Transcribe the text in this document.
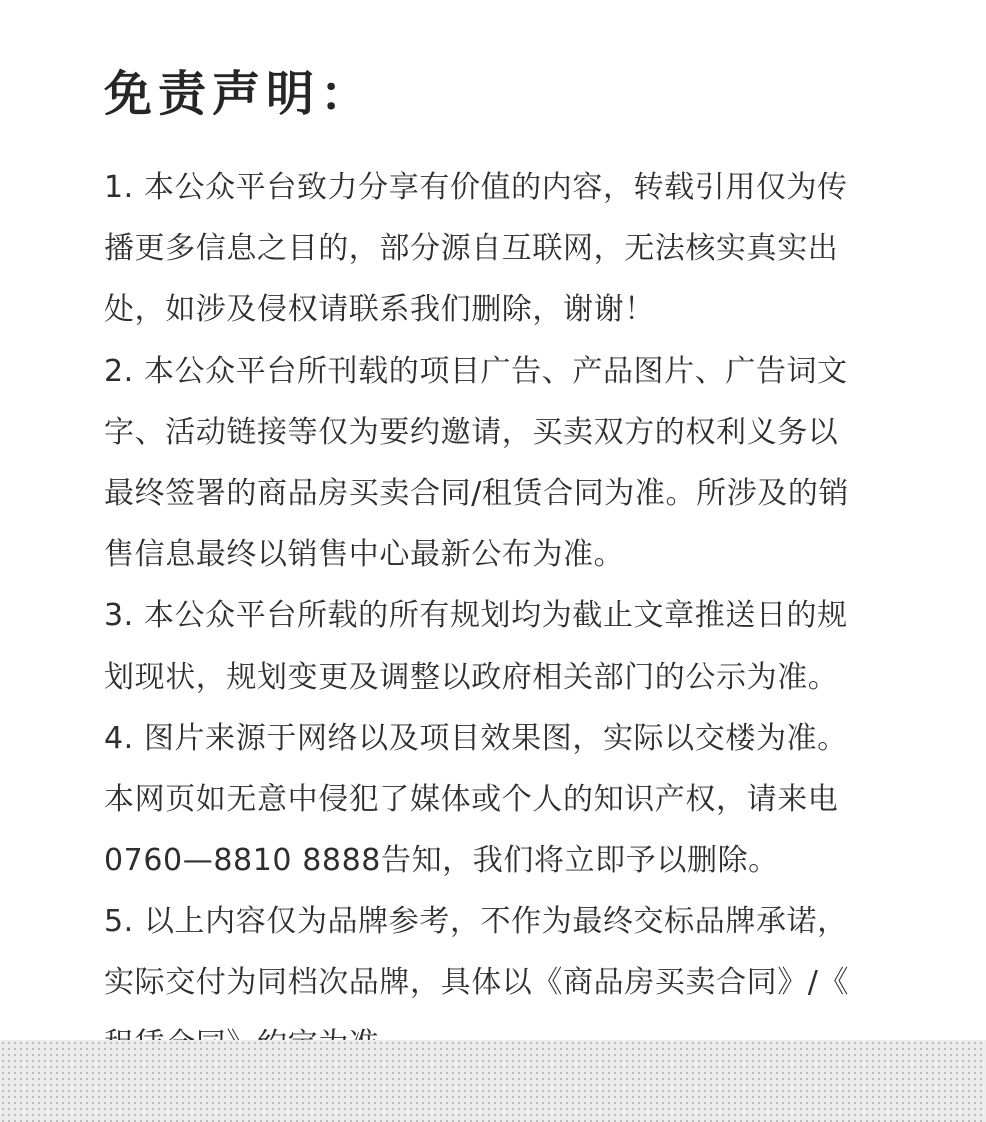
免责声明：
1. 本公众平台致力分享有价值的内容，转载引用仅为传
播更多信息之目的，部分源自互联网，无法核实真实出
处，如涉及侵权请联系我们删除，谢谢！
2. 本公众平台所刊载的项目广告、产品图片、广告词文
字、活动链接等仅为要约邀请，买卖双方的权利义务以
最终签署的商品房买卖合同/租赁合同为准。所涉及的销
售信息最终以销售中心最新公布为准。
3. 本公众平台所载的所有规划均为截止文章推送日的规
划现状，规划变更及调整以政府相关部门的公示为准。
4. 图片来源于网络以及项目效果图，实际以交楼为准。
本网页如无意中侵犯了媒体或个人的知识产权，请来电
0760—8810 8888告知，我们将立即予以删除。
5. 以上内容仅为品牌参考，不作为最终交标品牌承诺，
实际交付为同档次品牌，具体以《商品房买卖合同》/《
